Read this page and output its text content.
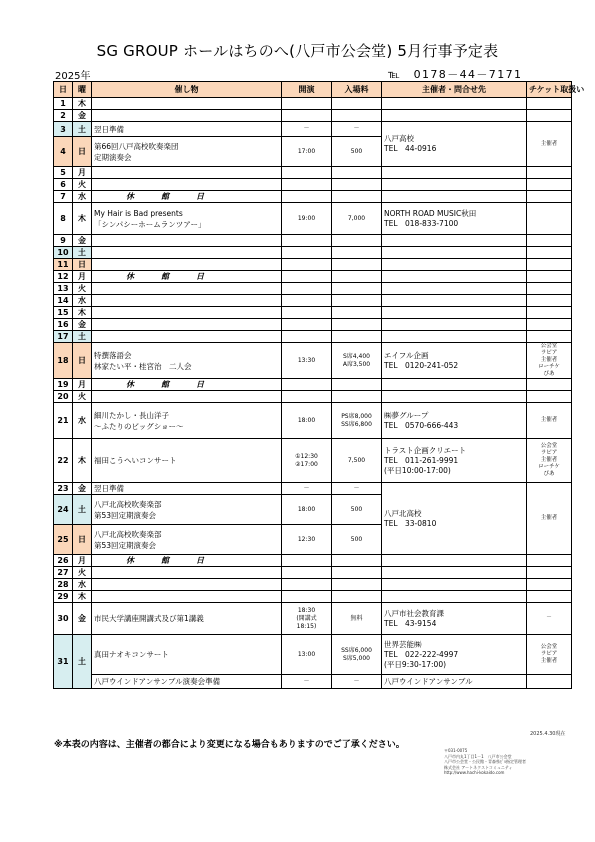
SG GROUP ホールはちのへ(八戸市公会堂) 5月行事予定表
2025年	℡　0178－44－7171
日	曜	催し物	開演	入場料	主催者・問合せ先	チケット取扱い
1	木					
2	金					
3	土	翌日準備	－	－	八戸高校
TEL　44-0916	主催者

4	日	第66回八戸高校吹奏楽団
定期演奏会	17:00	500		

5	月					
6	火					
7	水	休館日				
8	木	My Hair is Bad presents
「シンパシーホームランツアー」	19:00	7,000	NORTH ROAD MUSIC秋田
TEL　018-833-7100	

9	金					
10	土					
11	日					
12	月	休館日				
13	火					
14	水					
15	木					
16	金					
17	土					
18	日	特撰落語会
林家たい平・桂宮治　二人会	13:30	S席4,400
A席3,500	エイフル企画
TEL　0120-241-052	公会堂
ラピア
主催者
ローチケ
ぴあ

19	月	休館日				
20	火					
21	水	細川たかし・長山洋子
～ふたりのビッグショー～	18:00	PS席8,000
SS席6,800	㈱夢グループ
TEL　0570-666-443	主催者

22	木	福田こうへいコンサート	①12:30
②17:00	7,500	トラスト企画クリエート
TEL　011-261-9991
(平日10:00-17:00)	公会堂
ラピア
主催者
ローチケ
ぴあ

23	金	翌日準備	－	－	八戸北高校
TEL　33-0810	主催者

24	土	八戸北高校吹奏楽部
第53回定期演奏会	18:00	500		

25	日	八戸北高校吹奏楽部
第53回定期演奏会	12:30	500		

26	月	休館日				
27	火					
28	水					
29	木					
30	金	市民大学講座開講式及び第1講義	18:30
(開講式
18:15)	無料	八戸市社会教育課
TEL　43-9154	－

31	土	真田ナオキコンサート	13:00	SS席6,000
S席5,000	世界芸能㈱
TEL　022-222-4997
(平日9:30-17:00)	公会堂
ラピア
主催者

		八戸ウインドアンサンブル演奏会準備	－	－	八戸ウインドアンサンブル	

※本表の内容は、主催者の都合により変更になる場合もありますのでご了承ください。
2025.4.30現在
〒031-0075
八戸市内丸1丁目1－1　八戸市公会堂
八戸市公会堂・公民館・青森県ﾋﾞﾙ指定管理者
株式会社 アートネクストコミュニティ
http://www.hachi-kokaido.com
